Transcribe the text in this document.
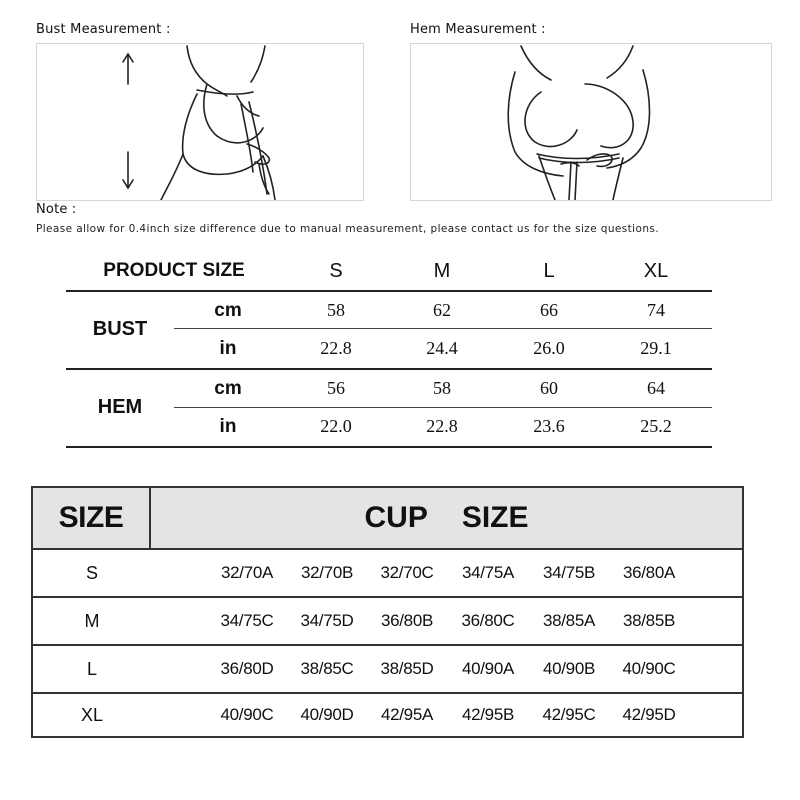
Bust Measurement :	Hem Measurement :
Note :
Please allow for 0.4inch size difference due to manual measurement, please contact us for the size questions.
PRODUCT SIZE	S	M	L	XL
BUST
cm	58	62	66	74
in	22.8	24.4	26.0	29.1
HEM
cm	56	58	60	64
in	22.0	22.8	23.6	25.2
SIZE	CUP SIZE
S	32/70A	32/70B	32/70C	34/75A	34/75B	36/80A
M	34/75C	34/75D	36/80B	36/80C	38/85A	38/85B
L	36/80D	38/85C	38/85D	40/90A	40/90B	40/90C
XL	40/90C	40/90D	42/95A	42/95B	42/95C	42/95D
